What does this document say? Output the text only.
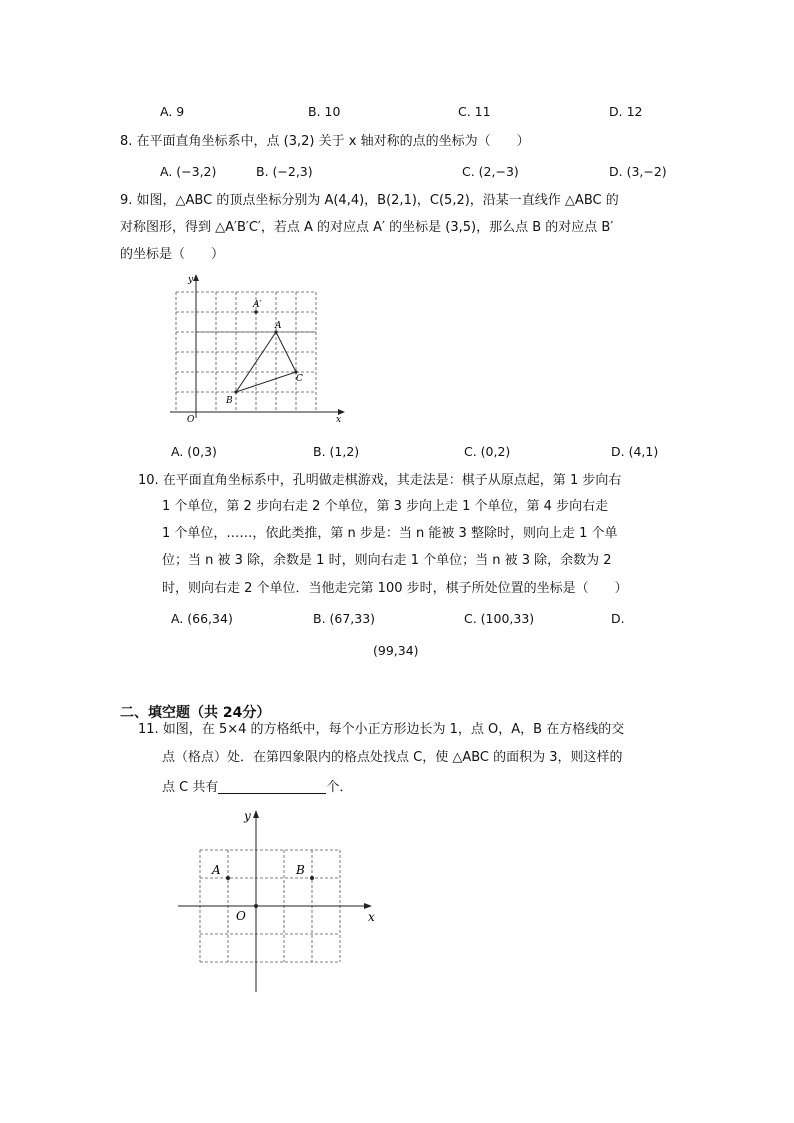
A. 9	B. 10	C. 11	D. 12
8. 在平面直角坐标系中，点 (3,2) 关于 x 轴对称的点的坐标为（　　）
A. (−3,2)	B. (−2,3)	C. (2,−3)	D. (3,−2)
9. 如图，△ABC 的顶点坐标分别为 A(4,4)，B(2,1)，C(5,2)，沿某一直线作 △ABC 的
对称图形，得到 △A′B′C′，若点 A 的对应点 A′ 的坐标是 (3,5)，那么点 B 的对应点 B′
的坐标是（　　）
y
x
O
A′
A
B
C
A. (0,3)	B. (1,2)	C. (0,2)	D. (4,1)
10. 在平面直角坐标系中，孔明做走棋游戏，其走法是：棋子从原点起，第 1 步向右
1 个单位，第 2 步向右走 2 个单位，第 3 步向上走 1 个单位，第 4 步向右走
1 个单位，……，依此类推，第 n 步是：当 n 能被 3 整除时，则向上走 1 个单
位；当 n 被 3 除，余数是 1 时，则向右走 1 个单位；当 n 被 3 除，余数为 2
时，则向右走 2 个单位．当他走完第 100 步时，棋子所处位置的坐标是（　　）
A. (66,34)	B. (67,33)	C. (100,33)	D.
(99,34)
二、填空题（共 24分）
11. 如图，在 5×4 的方格纸中，每个小正方形边长为 1，点 O，A，B 在方格线的交
点（格点）处．在第四象限内的格点处找点 C，使 △ABC 的面积为 3，则这样的
点 C 共有	个．
y
x
O
A	B
